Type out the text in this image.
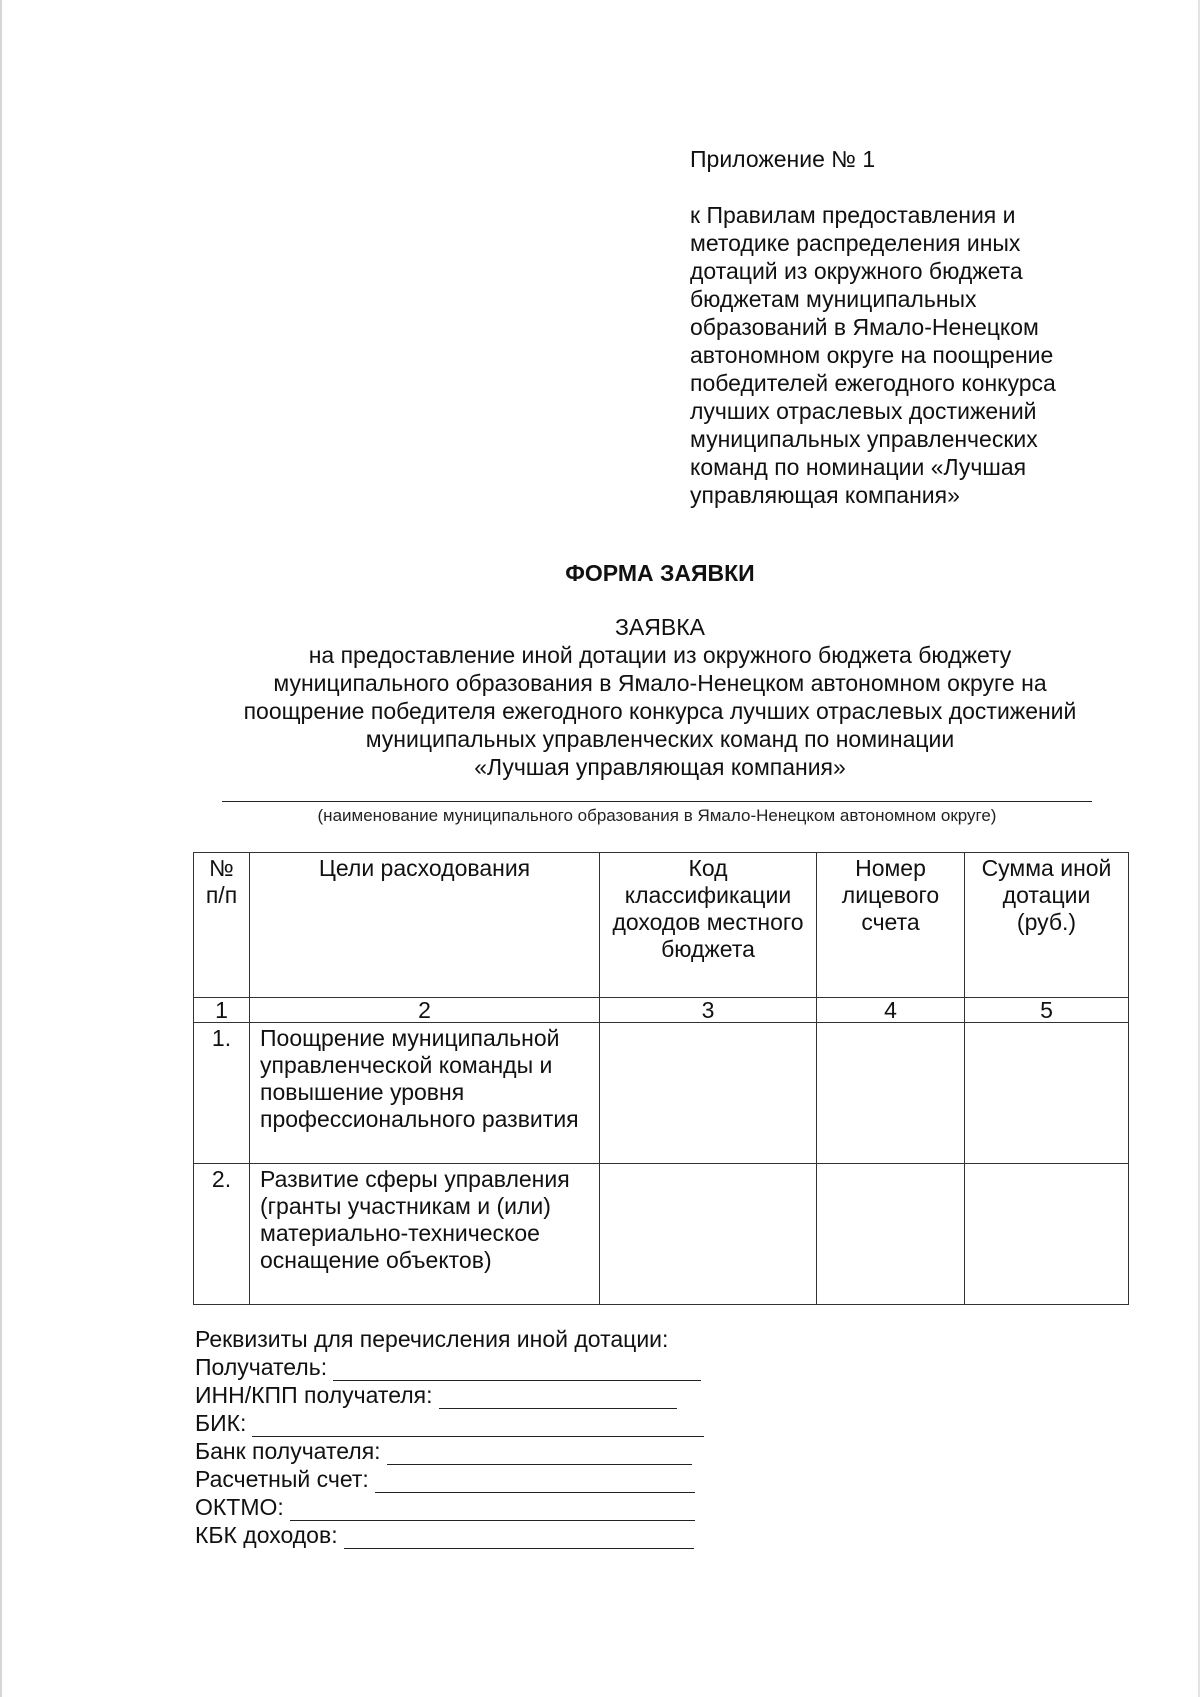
Приложение № 1

к Правилам предоставления и
методике распределения иных
дотаций из окружного бюджета
бюджетам муниципальных
образований в Ямало-Ненецком
автономном округе на поощрение
победителей ежегодного конкурса
лучших отраслевых достижений
муниципальных управленческих
команд по номинации «Лучшая
управляющая компания»

ФОРМА ЗАЯВКИ

ЗАЯВКА

на предоставление иной дотации из окружного бюджета бюджету

муниципального образования в Ямало-Ненецком автономном округе на

поощрение победителя ежегодного конкурса лучших отраслевых достижений

муниципальных управленческих команд по номинации

«Лучшая управляющая компания»

(наименование муниципального образования в Ямало-Ненецком автономном округе)
№ п/п	Цели расходования	Код классификации доходов местного бюджета	Номер лицевого счета	Сумма иной дотации (руб.)
1	2	3	4	5
1.	Поощрение муниципальной управленческой команды и повышение уровня профессионального развития			
2.	Развитие сферы управления (гранты участникам и (или) материально-техническое оснащение объектов)			

Реквизиты для перечисления иной дотации:

Получатель:

ИНН/КПП получателя:

БИК:

Банк получателя:

Расчетный счет:

ОКТМО:

КБК доходов:
